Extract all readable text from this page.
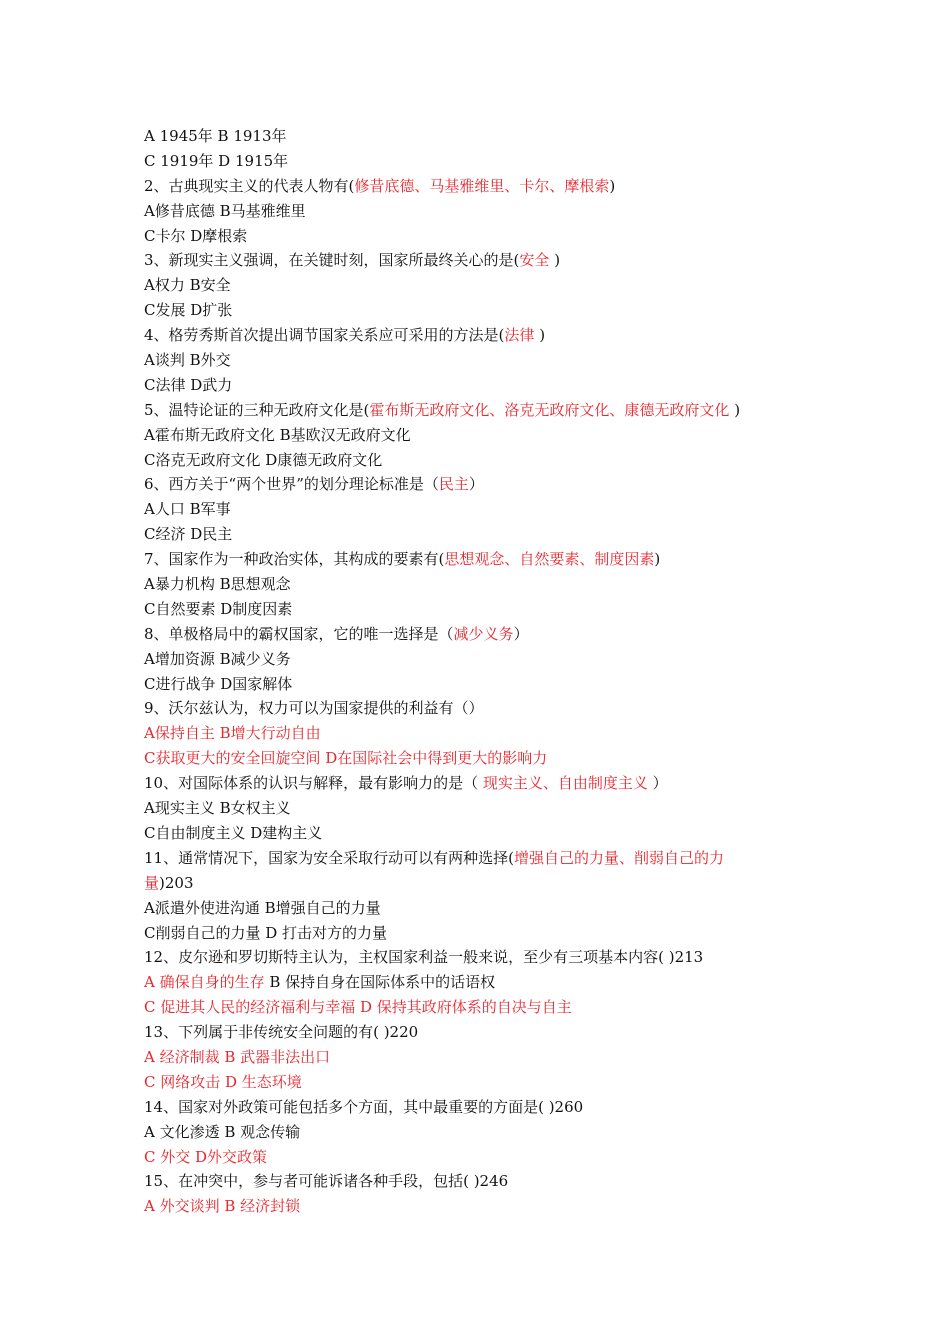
A 1945年 B 1913年
C 1919年 D 1915年
2、古典现实主义的代表人物有(修昔底德、马基雅维里、卡尔、摩根索)
A修昔底德 B马基雅维里
C卡尔 D摩根索
3、新现实主义强调，在关键时刻，国家所最终关心的是(安全 )
A权力 B安全
C发展 D扩张
4、格劳秀斯首次提出调节国家关系应可采用的方法是(法律 )
A谈判 B外交
C法律 D武力
5、温特论证的三种无政府文化是(霍布斯无政府文化、洛克无政府文化、康德无政府文化 )
A霍布斯无政府文化 B基欧汉无政府文化
C洛克无政府文化 D康德无政府文化
6、西方关于“两个世界”的划分理论标准是（民主）
A人口 B军事
C经济 D民主
7、国家作为一种政治实体，其构成的要素有(思想观念、自然要素、制度因素)
A暴力机构 B思想观念
C自然要素 D制度因素
8、单极格局中的霸权国家，它的唯一选择是（减少义务）
A增加资源 B减少义务
C进行战争 D国家解体
9、沃尔兹认为，权力可以为国家提供的利益有（）
A保持自主 B增大行动自由
C获取更大的安全回旋空间 D在国际社会中得到更大的影响力
10、对国际体系的认识与解释，最有影响力的是（ 现实主义、自由制度主义 ）
A现实主义 B女权主义
C自由制度主义 D建构主义
11、通常情况下，国家为安全采取行动可以有两种选择(增强自己的力量、削弱自己的力
量)203
A派遣外使进沟通 B增强自己的力量
C削弱自己的力量 D 打击对方的力量
12、皮尔逊和罗切斯特主认为，主权国家利益一般来说，至少有三项基本内容( )213
A 确保自身的生存 B 保持自身在国际体系中的话语权
C 促进其人民的经济福利与幸福 D 保持其政府体系的自决与自主
13、下列属于非传统安全问题的有( )220
A 经济制裁 B 武器非法出口
C 网络攻击 D 生态环境
14、国家对外政策可能包括多个方面，其中最重要的方面是( )260
A 文化渗透 B 观念传输
C 外交 D外交政策
15、在冲突中，参与者可能诉诸各种手段，包括( )246
A 外交谈判 B 经济封锁
